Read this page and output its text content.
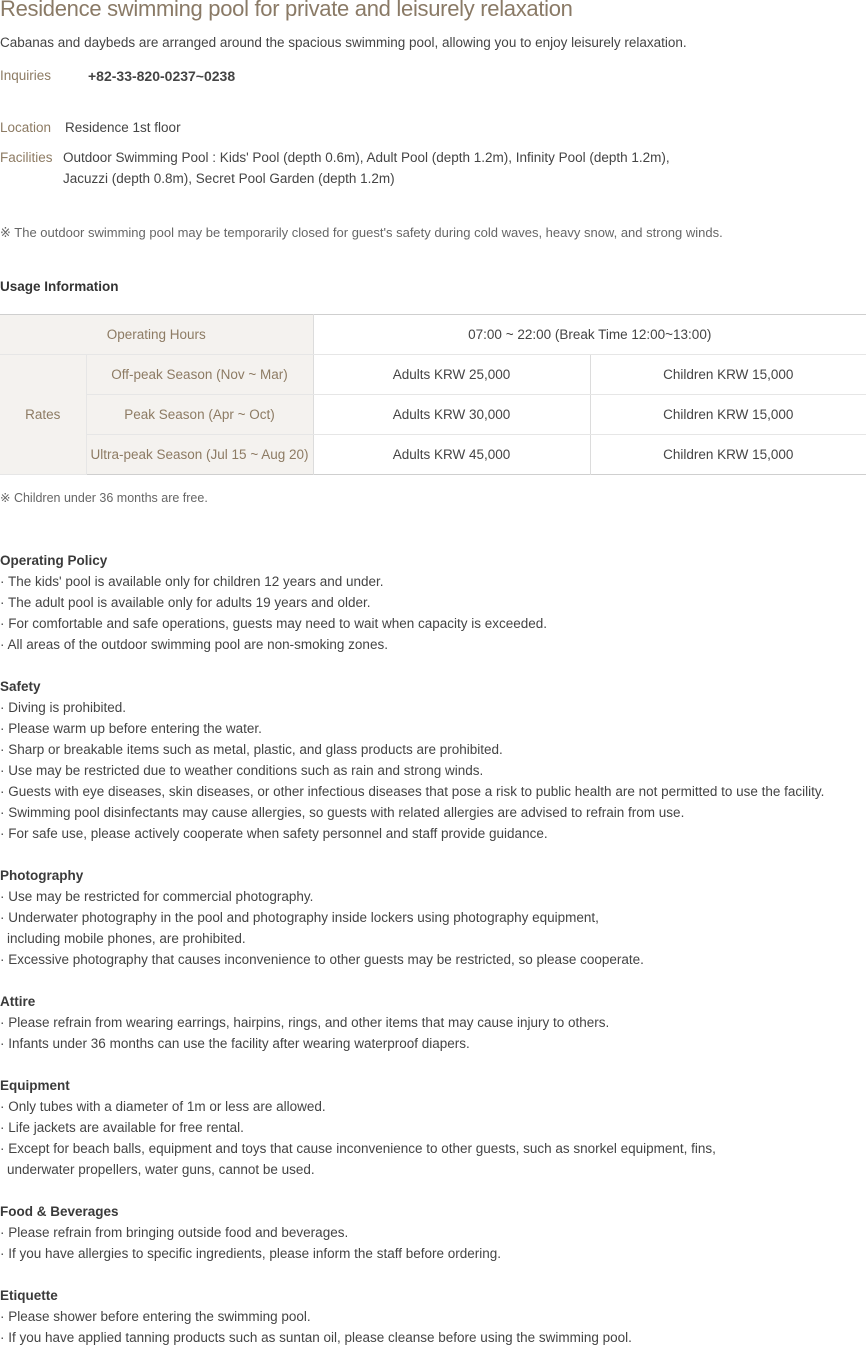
Residence swimming pool for private and leisurely relaxation
Cabanas and daybeds are arranged around the spacious swimming pool, allowing you to enjoy leisurely relaxation.
Inquiries	+82-33-820-0237~0238
Location Residence 1st floor
Facilities Outdoor Swimming Pool : Kids' Pool (depth 0.6m), Adult Pool (depth 1.2m), Infinity Pool (depth 1.2m),
Jacuzzi (depth 0.8m), Secret Pool Garden (depth 1.2m)
※ The outdoor swimming pool may be temporarily closed for guest's safety during cold waves, heavy snow, and strong winds.
Usage Information
Operating Hours		07:00 ~ 22:00 (Break Time 12:00~13:00)	
Rates	Off-peak Season (Nov ~ Mar)	Adults KRW 25,000	Children KRW 15,000
	Peak Season (Apr ~ Oct)	Adults KRW 30,000	Children KRW 15,000
	Ultra-peak Season (Jul 15 ~ Aug 20)	Adults KRW 45,000	Children KRW 15,000
※ Children under 36 months are free.
Operating Policy
· The kids' pool is available only for children 12 years and under.
· The adult pool is available only for adults 19 years and older.
· For comfortable and safe operations, guests may need to wait when capacity is exceeded.
· All areas of the outdoor swimming pool are non-smoking zones.
Safety
· Diving is prohibited.
· Please warm up before entering the water.
· Sharp or breakable items such as metal, plastic, and glass products are prohibited.
· Use may be restricted due to weather conditions such as rain and strong winds.
· Guests with eye diseases, skin diseases, or other infectious diseases that pose a risk to public health are not permitted to use the facility.
· Swimming pool disinfectants may cause allergies, so guests with related allergies are advised to refrain from use.
· For safe use, please actively cooperate when safety personnel and staff provide guidance.
Photography
· Use may be restricted for commercial photography.
· Underwater photography in the pool and photography inside lockers using photography equipment,
including mobile phones, are prohibited.
· Excessive photography that causes inconvenience to other guests may be restricted, so please cooperate.
Attire
· Please refrain from wearing earrings, hairpins, rings, and other items that may cause injury to others.
· Infants under 36 months can use the facility after wearing waterproof diapers.
Equipment
· Only tubes with a diameter of 1m or less are allowed.
· Life jackets are available for free rental.
· Except for beach balls, equipment and toys that cause inconvenience to other guests, such as snorkel equipment, fins,
underwater propellers, water guns, cannot be used.
Food & Beverages
· Please refrain from bringing outside food and beverages.
· If you have allergies to specific ingredients, please inform the staff before ordering.
Etiquette
· Please shower before entering the swimming pool.
· If you have applied tanning products such as suntan oil, please cleanse before using the swimming pool.
